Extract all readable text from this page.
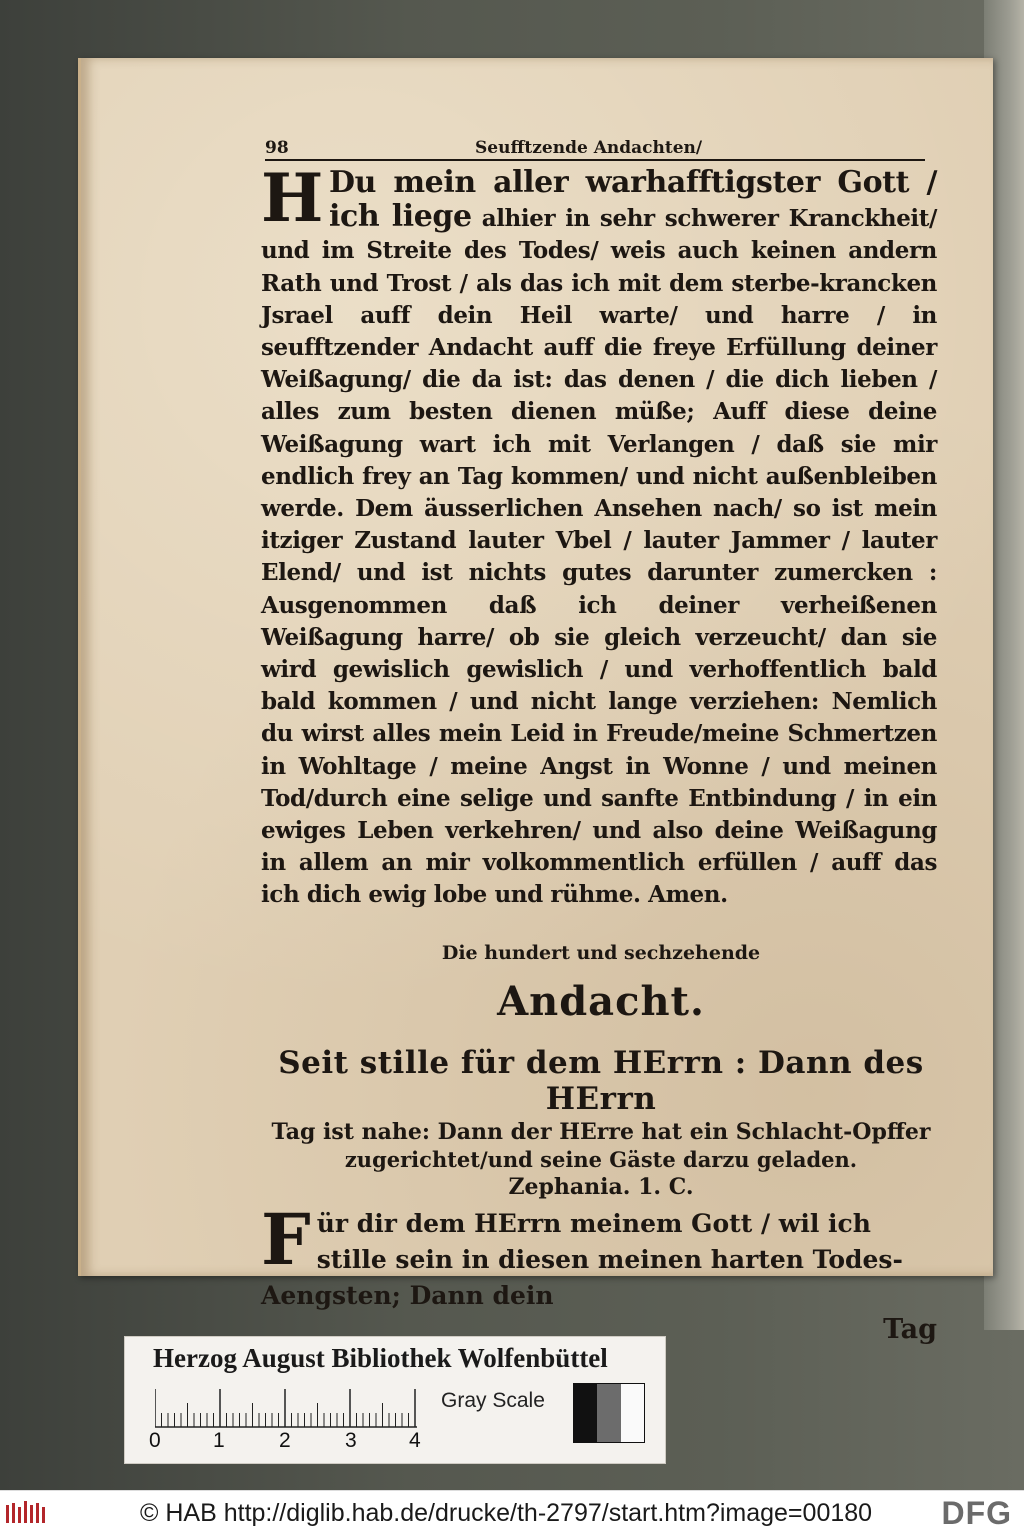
98	Seufftzende Andachten/
H Du mein aller warhafftigster Gott / ich liege alhier in sehr schwerer Kranckheit/ und im Streite des Todes/ weis auch keinen andern Rath und Trost / als das ich mit dem sterbe-krancken Jsrael auff dein Heil warte/ und harre / in seufftzender Andacht auff die freye Erfüllung deiner Weißagung/ die da ist: das denen / die dich lieben / alles zum besten dienen müße; Auff diese deine Weißagung wart ich mit Verlangen / daß sie mir endlich frey an Tag kommen/ und nicht außenbleiben werde. Dem äusserlichen Ansehen nach/ so ist mein itziger Zustand lauter Vbel / lauter Jammer / lauter Elend/ und ist nichts gutes darunter zumercken : Ausgenommen daß ich deiner verheißenen Weißagung harre/ ob sie gleich verzeucht/ dan sie wird gewislich gewislich / und verhoffentlich bald bald kommen / und nicht lange verziehen: Nemlich du wirst alles mein Leid in Freude/meine Schmertzen in Wohltage / meine Angst in Wonne / und meinen Tod/durch eine selige und sanfte Entbindung / in ein ewiges Leben verkehren/ und also deine Weißagung in allem an mir volkommentlich erfüllen / auff das ich dich ewig lobe und rühme. Amen.
Die hundert und sechzehende
Andacht.
Seit stille für dem HErrn : Dann des HErrn
Tag ist nahe: Dann der HErre hat ein Schlacht-Opffer
zugerichtet/und seine Gäste darzu geladen.
Zephania. 1. C.
F ür dir dem HErrn meinem Gott / wil ich stille sein in diesen meinen harten Todes-Aengsten; Dann dein
Tag
Herzog August Bibliothek Wolfenbüttel
Gray Scale
0 1	2	3 4
© HAB http://diglib.hab.de/drucke/th-2797/start.htm?image=00180 DFG
